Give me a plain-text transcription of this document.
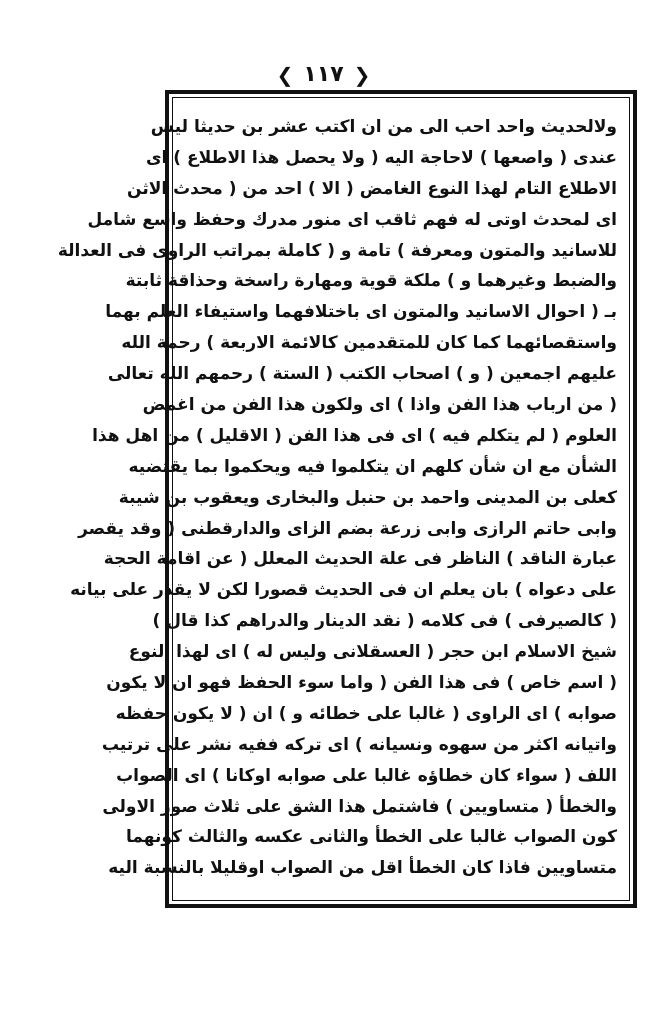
❮ ١١٧ ❯
ولالحديث واحد احب الى من ان اكتب عشر بن حديثا ليس
عندى ( واصعها ) لاحاجة اليه ( ولا يحصل هذا الاطلاع ) اى
الاطلاع التام لهذا النوع الغامض ( الا ) احد من ( محدث الاثن
اى لمحدث اوتى له فهم ثاقب اى منور مدرك وحفظ واسع شامل
للاسانيد والمتون ومعرفة ) تامة و ( كاملة بمراتب الراوى فى العدالة
والضبط وغيرهما و ) ملكة قوية ومهارة راسخة وحذاقة ثابتة
بـ ( احوال الاسانيد والمتون اى باختلافهما واستيفاء العلم بهما
واستقصائهما كما كان للمتقدمين كالائمة الاربعة ) رحمة الله
عليهم اجمعين ( و ) اصحاب الكتب ( الستة ) رحمهم الله تعالى
( من ارباب هذا الفن واذا ) اى ولكون هذا الفن من اغمض
العلوم ( لم يتكلم فيه ) اى فى هذا الفن ( الاقليل ) من اهل هذا
الشأن مع ان شأن كلهم ان يتكلموا فيه ويحكموا بما يقتضيه
كعلى بن المدينى واحمد بن حنبل والبخارى ويعقوب بن شيبة
وابى حاتم الرازى وابى زرعة بضم الزاى والدارقطنى ( وقد يقصر
عبارة الناقد ) الناظر فى علة الحديث المعلل ( عن اقامة الحجة
على دعواه ) بان يعلم ان فى الحديث قصورا لكن لا يقدر على بيانه
( كالصيرفى ) فى كلامه ( نقد الدينار والدراهم كذا قال )
شيخ الاسلام ابن حجر ( العسقلانى وليس له ) اى لهذا النوع
( اسم خاص ) فى هذا الفن ( واما سوء الحفظ فهو ان لا يكون
صوابه ) اى الراوى ( غالبا على خطائه و ) ان ( لا يكون حفظه
واتيانه اكثر من سهوه ونسيانه ) اى تركه ففيه نشر على ترتيب
اللف ( سواء كان خطاؤه غالبا على صوابه اوكانا ) اى الصواب
والخطأ ( متساويين ) فاشتمل هذا الشق على ثلاث صور الاولى
كون الصواب غالبا على الخطأ والثانى عكسه والثالث كونهما
متساويين فاذا كان الخطأ اقل من الصواب اوقليلا بالنسبة اليه
